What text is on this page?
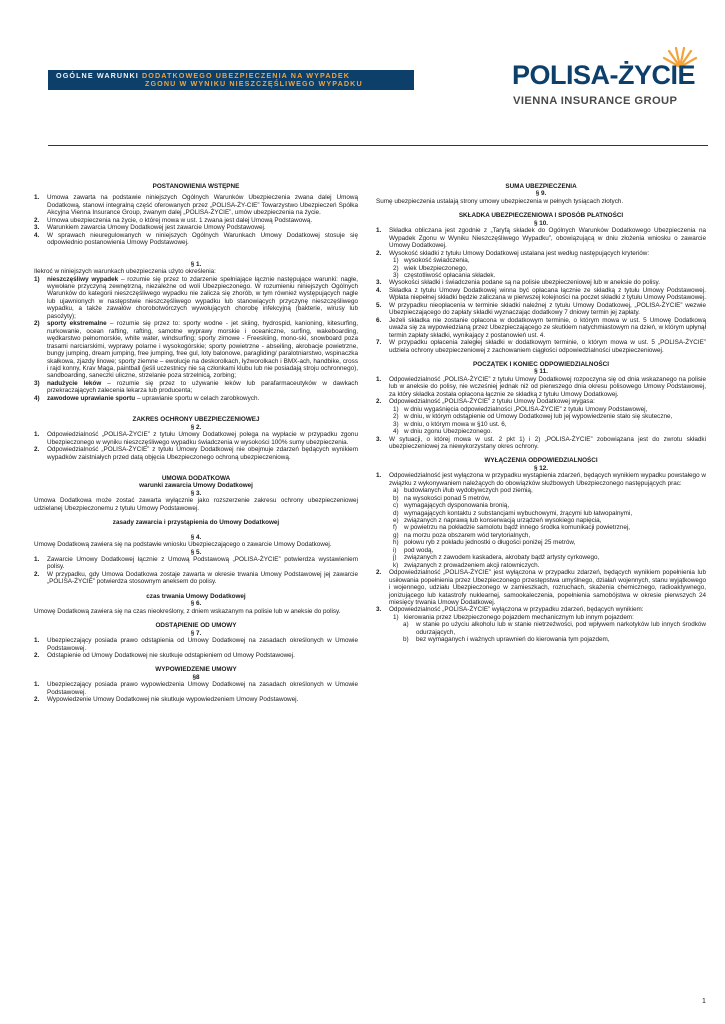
OGÓLNE WARUNKI DODATKOWEGO UBEZPIECZENIA NA WYPADEK
ZGONU W WYNIKU NIESZCZĘŚLIWEGO WYPADKU	POLISA-ŻYCIE
VIENNA INSURANCE GROUP

POSTANOWIENIA WSTĘPNE

1. Umowa zawarta na podstawie niniejszych Ogólnych Warunków Ubezpieczenia zwana dalej Umową Dodatkową, stanowi integralną część oferowanych przez „POLISA-ŻY-CIE” Towarzystwo Ubezpieczeń Spółka Akcyjna Vienna Insurance Group, zwanym dalej „POLISA-ŻYCIE”, umów ubezpieczenia na życie.

2. Umowa ubezpieczenia na życie, o której mowa w ust. 1 zwana jest dalej Umową Podstawową.

3. Warunkiem zawarcia Umowy Dodatkowej jest zawarcie Umowy Podstawowej.

4. W sprawach nieuregulowanych w niniejszych Ogólnych Warunkach Umowy Dodatkowej stosuje się odpowiednio postanowienia Umowy Podstawowej.

§ 1.

Ilekroć w niniejszych warunkach ubezpieczenia użyto określenia:

1) nieszczęśliwy wypadek – rozumie się przez to zdarzenie spełniające łącznie następujące warunki: nagłe, wywołane przyczyną zewnętrzną, niezależne od woli Ubezpieczonego. W rozumieniu niniejszych Ogólnych Warunków do kategorii nieszczęśliwego wypadku nie zalicza się zhorób, w tym również występujących nagle lub ujawnionych w następstwie nieszczęśliwego wypadku lub stanowiących przyczynę nieszczęśliwego wypadku, a także zawałów chorobotwórczych wywołujących chorobę infekcyjną (bakterie, wirusy lub pasożyty);

2) sporty ekstremalne – rozumie się przez to: sporty wodne - jet skiing, hydrospid, kanioning, kitesurfing, nurkowanie, ocean rafting, rafting, samotne wyprawy morskie i oceaniczne, surfing, wakeboarding, wędkarstwo pełnomorskie, white water, windsurfing; sporty zimowe - Freeskiing, mono-ski, snowboard poza trasami narciarskimi, wyprawy polarne i wysokogórskie; sporty powietrzne - abseiling, akrobacje powietrzne, bungy jumping, dream jumping, free jumping, free gul, loty balonowe, paragliding/ paralotniarstwo, wspinaczka skałkowa, zjazdy linowe; sporty ziemne – ewolucje na deskorolkach, łyżworolkach i BMX-ach, handbike, cross i rajd konny, Krav Maga, paintball (jeśli uczestnicy nie są członkami klubu lub nie posiadają stroju ochronnego), sandboarding, saneczki uliczne, strzelanie poza strzelnicą, zorbing;

3) nadużycie leków – rozumie się przez to używanie leków lub parafarmaceutyków w dawkach przekraczających zalecenia lekarza lub producenta;

4) zawodowe uprawianie sportu – uprawianie sportu w celach zarobkowych.

ZAKRES OCHRONY UBEZPIECZENIOWEJ

§ 2.

1. Odpowiedzialność „POLISA-ŻYCIE” z tytułu Umowy Dodatkowej polega na wypłacie w przypadku zgonu Ubezpieczonego w wyniku nieszczęśliwego wypadku świadczenia w wysokości 100% sumy ubezpieczenia.

2. Odpowiedzialność „POLISA-ŻYCIE” z tytułu Umowy Dodatkowej nie obejmuje zdarzeń będących wynikiem wypadków zaistniałych przed datą objęcia Ubezpieczonego ochroną ubezpieczeniową.

UMOWA DODATKOWA

warunki zawarcia Umowy Dodatkowej

§ 3.

Umowa Dodatkowa może zostać zawarta wyłącznie jako rozszerzenie zakresu ochrony ubezpieczeniowej udzielanej Ubezpieczonemu z tytułu Umowy Podstawowej.

zasady zawarcia i przystąpienia do Umowy Dodatkowej

§ 4.

Umowę Dodatkową zawiera się na podstawie wniosku Ubezpieczającego o zawarcie Umowy Dodatkowej.

§ 5.

1. Zawarcie Umowy Dodatkowej łącznie z Umową Podstawową „POLISA-ŻYCIE” potwierdza wystawieniem polisy.

2. W przypadku, gdy Umowa Dodatkowa zostaje zawarta w okresie trwania Umowy Podstawowej jej zawarcie „POLISA-ŻYCIE” potwierdza stosownym aneksem do polisy.

czas trwania Umowy Dodatkowej

§ 6.

Umowę Dodatkową zawiera się na czas nieokreślony, z dniem wskazanym na polisie lub w aneksie do polisy.

ODSTĄPIENIE OD UMOWY

§ 7.

1. Ubezpieczający posiada prawo odstąpienia od Umowy Dodatkowej na zasadach określonych w Umowie Podstawowej.

2. Odstąpienie od Umowy Dodatkowej nie skutkuje odstąpieniem od Umowy Podstawowej.

WYPOWIEDZENIE UMOWY

§8

1. Ubezpieczający posiada prawo wypowiedzenia Umowy Dodatkowej na zasadach określonych w Umowie Podstawowej.

2. Wypowiedzenie Umowy Dodatkowej nie skutkuje wypowiedzeniem Umowy Podstawowej.

SUMA UBEZPIECZENIA

§ 9.

Sumę ubezpieczenia ustalają strony umowy ubezpieczenia w pełnych tysiącach złotych.

SKŁADKA UBEZPIECZENIOWA I SPOSÓB PŁATNOŚCI

§ 10.

1. Składka obliczana jest zgodnie z „Taryfą składek do Ogólnych Warunków Dodatkowego Ubezpieczenia na Wypadek Zgonu w Wyniku Nieszczęśliwego Wypadku”, obowiązującą w dniu złożenia wniosku o zawarcie Umowy Dodatkowej.

2. Wysokość składki z tytułu Umowy Dodatkowej ustalana jest według następujących kryteriów:

1) wysokość świadczenia,

2) wiek Ubezpieczonego,

3) częstotliwość opłacania składek.

3. Wysokości składki i świadczenia podane są na polisie ubezpieczeniowej lub w aneksie do polisy.

4. Składka z tytułu Umowy Dodatkowej winna być opłacana łącznie ze składką z tytułu Umowy Podstawowej. Wpłata niepełnej składki będzie zaliczana w pierwszej kolejności na poczet składki z tytułu Umowy Podstawowej.

5. W przypadku nieopłacenia w terminie składki należnej z tytułu Umowy Dodatkowej, „POLISA-ŻYCIE” wezwie Ubezpieczającego do zapłaty składki wyznaczając dodatkowy 7 dniowy termin jej zapłaty.

6. Jeżeli składka nie zostanie opłacona w dodatkowym terminie, o którym mowa w ust. 5 Umowę Dodatkową uważa się za wypowiedzianą przez Ubezpieczającego ze skutkiem natychmiastowym na dzień, w którym upłynął termin zapłaty składki, wynikający z postanowień ust. 4.

7. W przypadku opłacenia zaległej składki w dodatkowym terminie, o którym mowa w ust. 5 „POLISA-ŻYCIE” udziela ochrony ubezpieczeniowej z zachowaniem ciągłości odpowiedzialności ubezpieczeniowej.

POCZĄTEK I KONIEC ODPOWIEDZIALNOŚCI

§ 11.

1. Odpowiedzialność „POLISA-ŻYCIE” z tytułu Umowy Dodatkowej rozpoczyna się od dnia wskazanego na polisie lub w aneksie do polisy, nie wcześniej jednak niż od pierwszego dnia okresu polisowego Umowy Podstawowej, za który składka została opłacona łącznie ze składką z tytułu Umowy Dodatkowej.

2. Odpowiedzialność „POLISA-ŻYCIE” z tytułu Umowy Dodatkowej wygasa:

1) w dniu wygaśnięcia odpowiedzialności „POLISA-ŻYCIE” z tytułu Umowy Podstawowej,

2) w dniu, w którym odstąpienie od Umowy Dodatkowej lub jej wypowiedzenie stało się skuteczne,

3) w dniu, o którym mowa w §10 ust. 6,

4) w dniu zgonu Ubezpieczonego.

3. W sytuacji, o której mowa w ust. 2 pkt 1) i 2) „POLISA-ŻYCIE” zobowiązana jest do zwrotu składki ubezpieczeniowej za niewykorzystany okres ochrony.

WYŁĄCZENIA ODPOWIEDZIALNOŚCI

§ 12.

1. Odpowiedzialność jest wyłączona w przypadku wystąpienia zdarzeń, będących wynikiem wypadku powstałego w związku z wykonywaniem należących do obowiązków służbowych Ubezpieczonego następujących prac:

a) budowlanych i/lub wydobywczych pod ziemią,

b) na wysokości ponad 5 metrów,

c) wymagających dysponowania bronią,

d) wymagających kontaktu z substancjami wybuchowymi, żrącymi lub łatwopalnymi,

e) związanych z naprawą lub konserwacją urządzeń wysokiego napięcia,

f) w powietrzu na pokładzie samolotu bądź innego środka komunikacji powietrznej,

g) na morzu poza obszarem wód terytorialnych,

h) połowu ryb z pokładu jednostki o długości poniżej 25 metrów,

i) pod wodą,

j) związanych z zawodem kaskadera, akrobaty bądź artysty cyrkowego,

k) związanych z prowadzeniem akcji ratowniczych.

2. Odpowiedzialność „POLISA-ŻYCIE” jest wyłączona w przypadku zdarzeń, będących wynikiem popełnienia lub usiłowania popełnienia przez Ubezpieczonego przestępstwa umyślnego, działań wojennych, stanu wyjątkowego i wojennego, udziału Ubezpieczonego w zamieszkach, rozruchach, skażenia chemicznego, radioaktywnego, jonizującego lub katastrofy nuklearnej, samookaleczenia, popełnienia samobójstwa w okresie pierwszych 24 miesięcy trwania Umowy Dodatkowej.

3. Odpowiedzialność „POLISA-ŻYCIE” wyłączona w przypadku zdarzeń, będących wynikiem:

1) kierowania przez Ubezpieczonego pojazdem mechanicznym lub innym pojazdem:

a) w stanie po użyciu alkoholu lub w stanie nietrzeźwości, pod wpływem narkotyków lub innych środków odurzających,

b) bez wymaganych i ważnych uprawnień do kierowania tym pojazdem,

1
